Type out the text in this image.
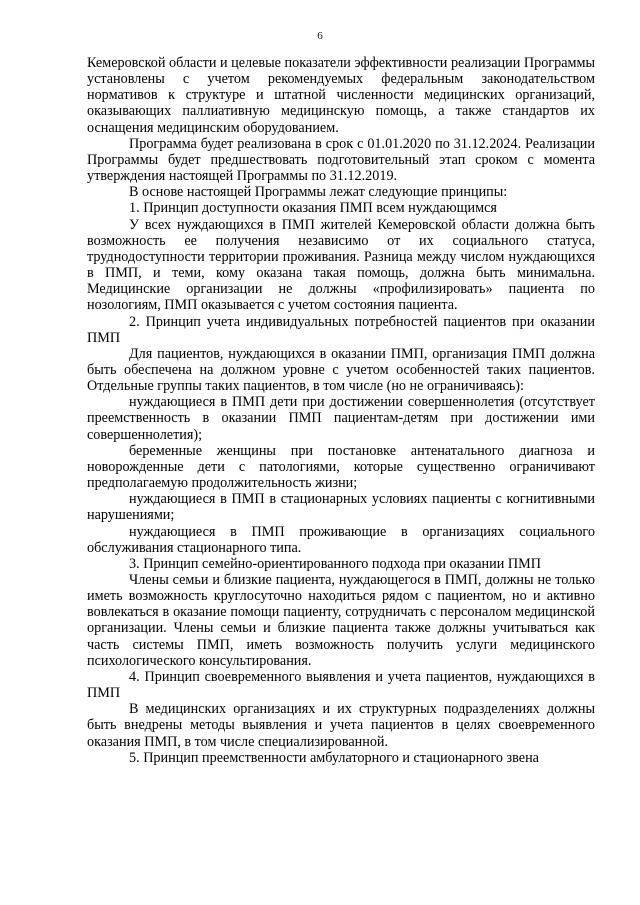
6

Кемеровской области и целевые показатели эффективности реализации Программы установлены с учетом рекомендуемых федеральным законодательством нормативов к структуре и штатной численности медицинских организаций, оказывающих паллиативную медицинскую помощь, а также стандартов их оснащения медицинским оборудованием.

Программа будет реализована в срок с 01.01.2020 по 31.12.2024. Реализации Программы будет предшествовать подготовительный этап сроком с момента утверждения настоящей Программы по 31.12.2019.

В основе настоящей Программы лежат следующие принципы:

1. Принцип доступности оказания ПМП всем нуждающимся

У всех нуждающихся в ПМП жителей Кемеровской области должна быть возможность ее получения независимо от их социального статуса, труднодоступности территории проживания. Разница между числом нуждающихся в ПМП, и теми, кому оказана такая помощь, должна быть минимальна. Медицинские организации не должны «профилизировать» пациента по нозологиям, ПМП оказывается с учетом состояния пациента.

2. Принцип учета индивидуальных потребностей пациентов при оказании ПМП

Для пациентов, нуждающихся в оказании ПМП, организация ПМП должна быть обеспечена на должном уровне с учетом особенностей таких пациентов. Отдельные группы таких пациентов, в том числе (но не ограничиваясь):

нуждающиеся в ПМП дети при достижении совершеннолетия (отсутствует преемственность в оказании ПМП пациентам-детям при достижении ими совершеннолетия);

беременные женщины при постановке антенатального диагноза и новорожденные дети с патологиями, которые существенно ограничивают предполагаемую продолжительность жизни;

нуждающиеся в ПМП в стационарных условиях пациенты с когнитивными нарушениями;

нуждающиеся в ПМП проживающие в организациях социального обслуживания стационарного типа.

3. Принцип семейно-ориентированного подхода при оказании ПМП

Члены семьи и близкие пациента, нуждающегося в ПМП, должны не только иметь возможность круглосуточно находиться рядом с пациентом, но и активно вовлекаться в оказание помощи пациенту, сотрудничать с персоналом медицинской организации. Члены семьи и близкие пациента также должны учитываться как часть системы ПМП, иметь возможность получить услуги медицинского психологического консультирования.

4. Принцип своевременного выявления и учета пациентов, нуждающихся в ПМП

В медицинских организациях и их структурных подразделениях должны быть внедрены методы выявления и учета пациентов в целях своевременного оказания ПМП, в том числе специализированной.

5. Принцип преемственности амбулаторного и стационарного звена
